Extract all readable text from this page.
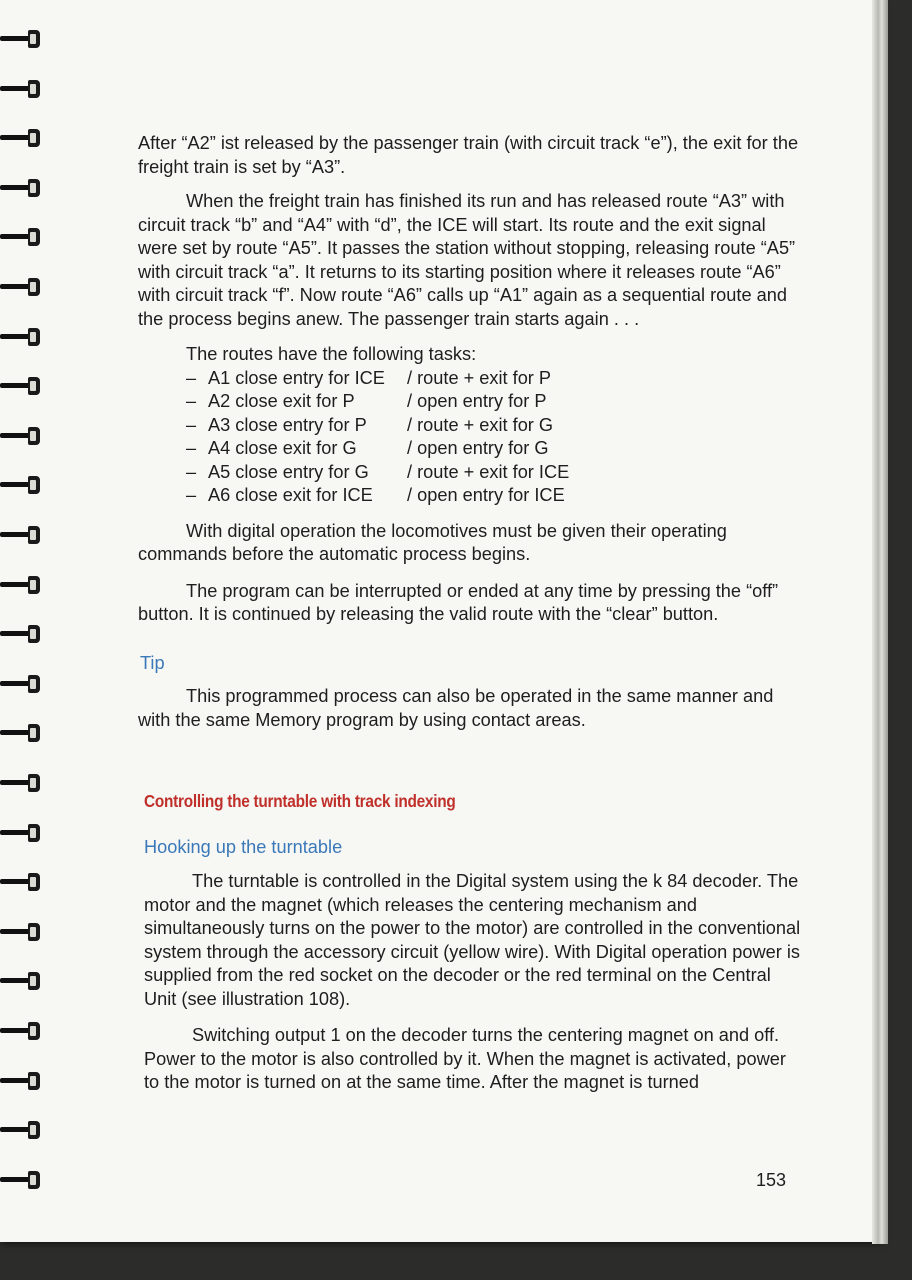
After “A2” ist released by the passenger train (with circuit track “e”), the exit for the freight train is set by “A3”.

When the freight train has finished its run and has released route “A3” with circuit track “b” and “A4” with “d”, the ICE will start. Its route and the exit signal were set by route “A5”. It passes the station without stopping, releasing route “A5” with circuit track “a”. It returns to its starting position where it releases route “A6” with circuit track “f”. Now route “A6” calls up “A1” again as a sequential route and the process begins anew. The passenger train starts again . . .

The routes have the following tasks:
– A1 close entry for ICE	/ route + exit for P
– A2 close exit for P	/ open entry for P
– A3 close entry for P	/ route + exit for G
– A4 close exit for G	/ open entry for G
– A5 close entry for G	/ route + exit for ICE
– A6 close exit for ICE	/ open entry for ICE

With digital operation the locomotives must be given their operating commands before the automatic process begins.

The program can be interrupted or ended at any time by pressing the “off” button. It is continued by releasing the valid route with the “clear” button.

Tip

This programmed process can also be operated in the same manner and with the same Memory program by using contact areas.

Controlling the turntable with track indexing
Hooking up the turntable

The turntable is controlled in the Digital system using the k 84 decoder. The motor and the magnet (which releases the centering mechanism and simultaneously turns on the power to the motor) are controlled in the conventional system through the accessory circuit (yellow wire). With Digital operation power is supplied from the red socket on the decoder or the red terminal on the Central Unit (see illustration 108).

Switching output 1 on the decoder turns the centering magnet on and off. Power to the motor is also controlled by it. When the magnet is activated, power to the motor is turned on at the same time. After the magnet is turned

153
